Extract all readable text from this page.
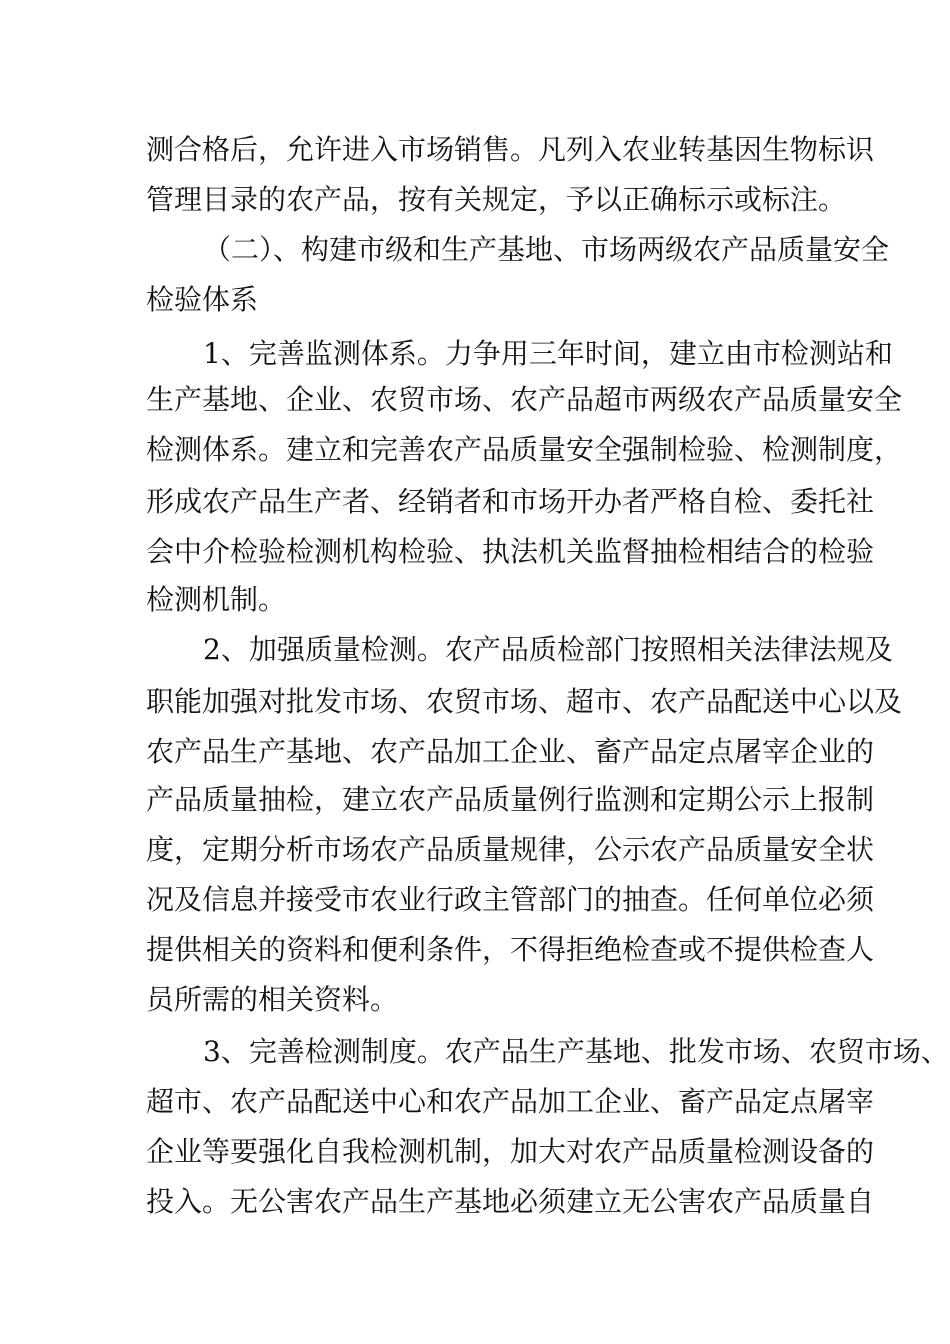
测合格后，允许进入市场销售。凡列入农业转基因生物标识
管理目录的农产品，按有关规定，予以正确标示或标注。
（二）、构建市级和生产基地、市场两级农产品质量安全
检验体系
1、完善监测体系。力争用三年时间，建立由市检测站和
生产基地、企业、农贸市场、农产品超市两级农产品质量安全
检测体系。建立和完善农产品质量安全强制检验、检测制度，
形成农产品生产者、经销者和市场开办者严格自检、委托社
会中介检验检测机构检验、执法机关监督抽检相结合的检验
检测机制。
2、加强质量检测。农产品质检部门按照相关法律法规及
职能加强对批发市场、农贸市场、超市、农产品配送中心以及
农产品生产基地、农产品加工企业、畜产品定点屠宰企业的
产品质量抽检，建立农产品质量例行监测和定期公示上报制
度，定期分析市场农产品质量规律，公示农产品质量安全状
况及信息并接受市农业行政主管部门的抽查。任何单位必须
提供相关的资料和便利条件，不得拒绝检查或不提供检查人
员所需的相关资料。
3、完善检测制度。农产品生产基地、批发市场、农贸市场、
超市、农产品配送中心和农产品加工企业、畜产品定点屠宰
企业等要强化自我检测机制，加大对农产品质量检测设备的
投入。无公害农产品生产基地必须建立无公害农产品质量自
